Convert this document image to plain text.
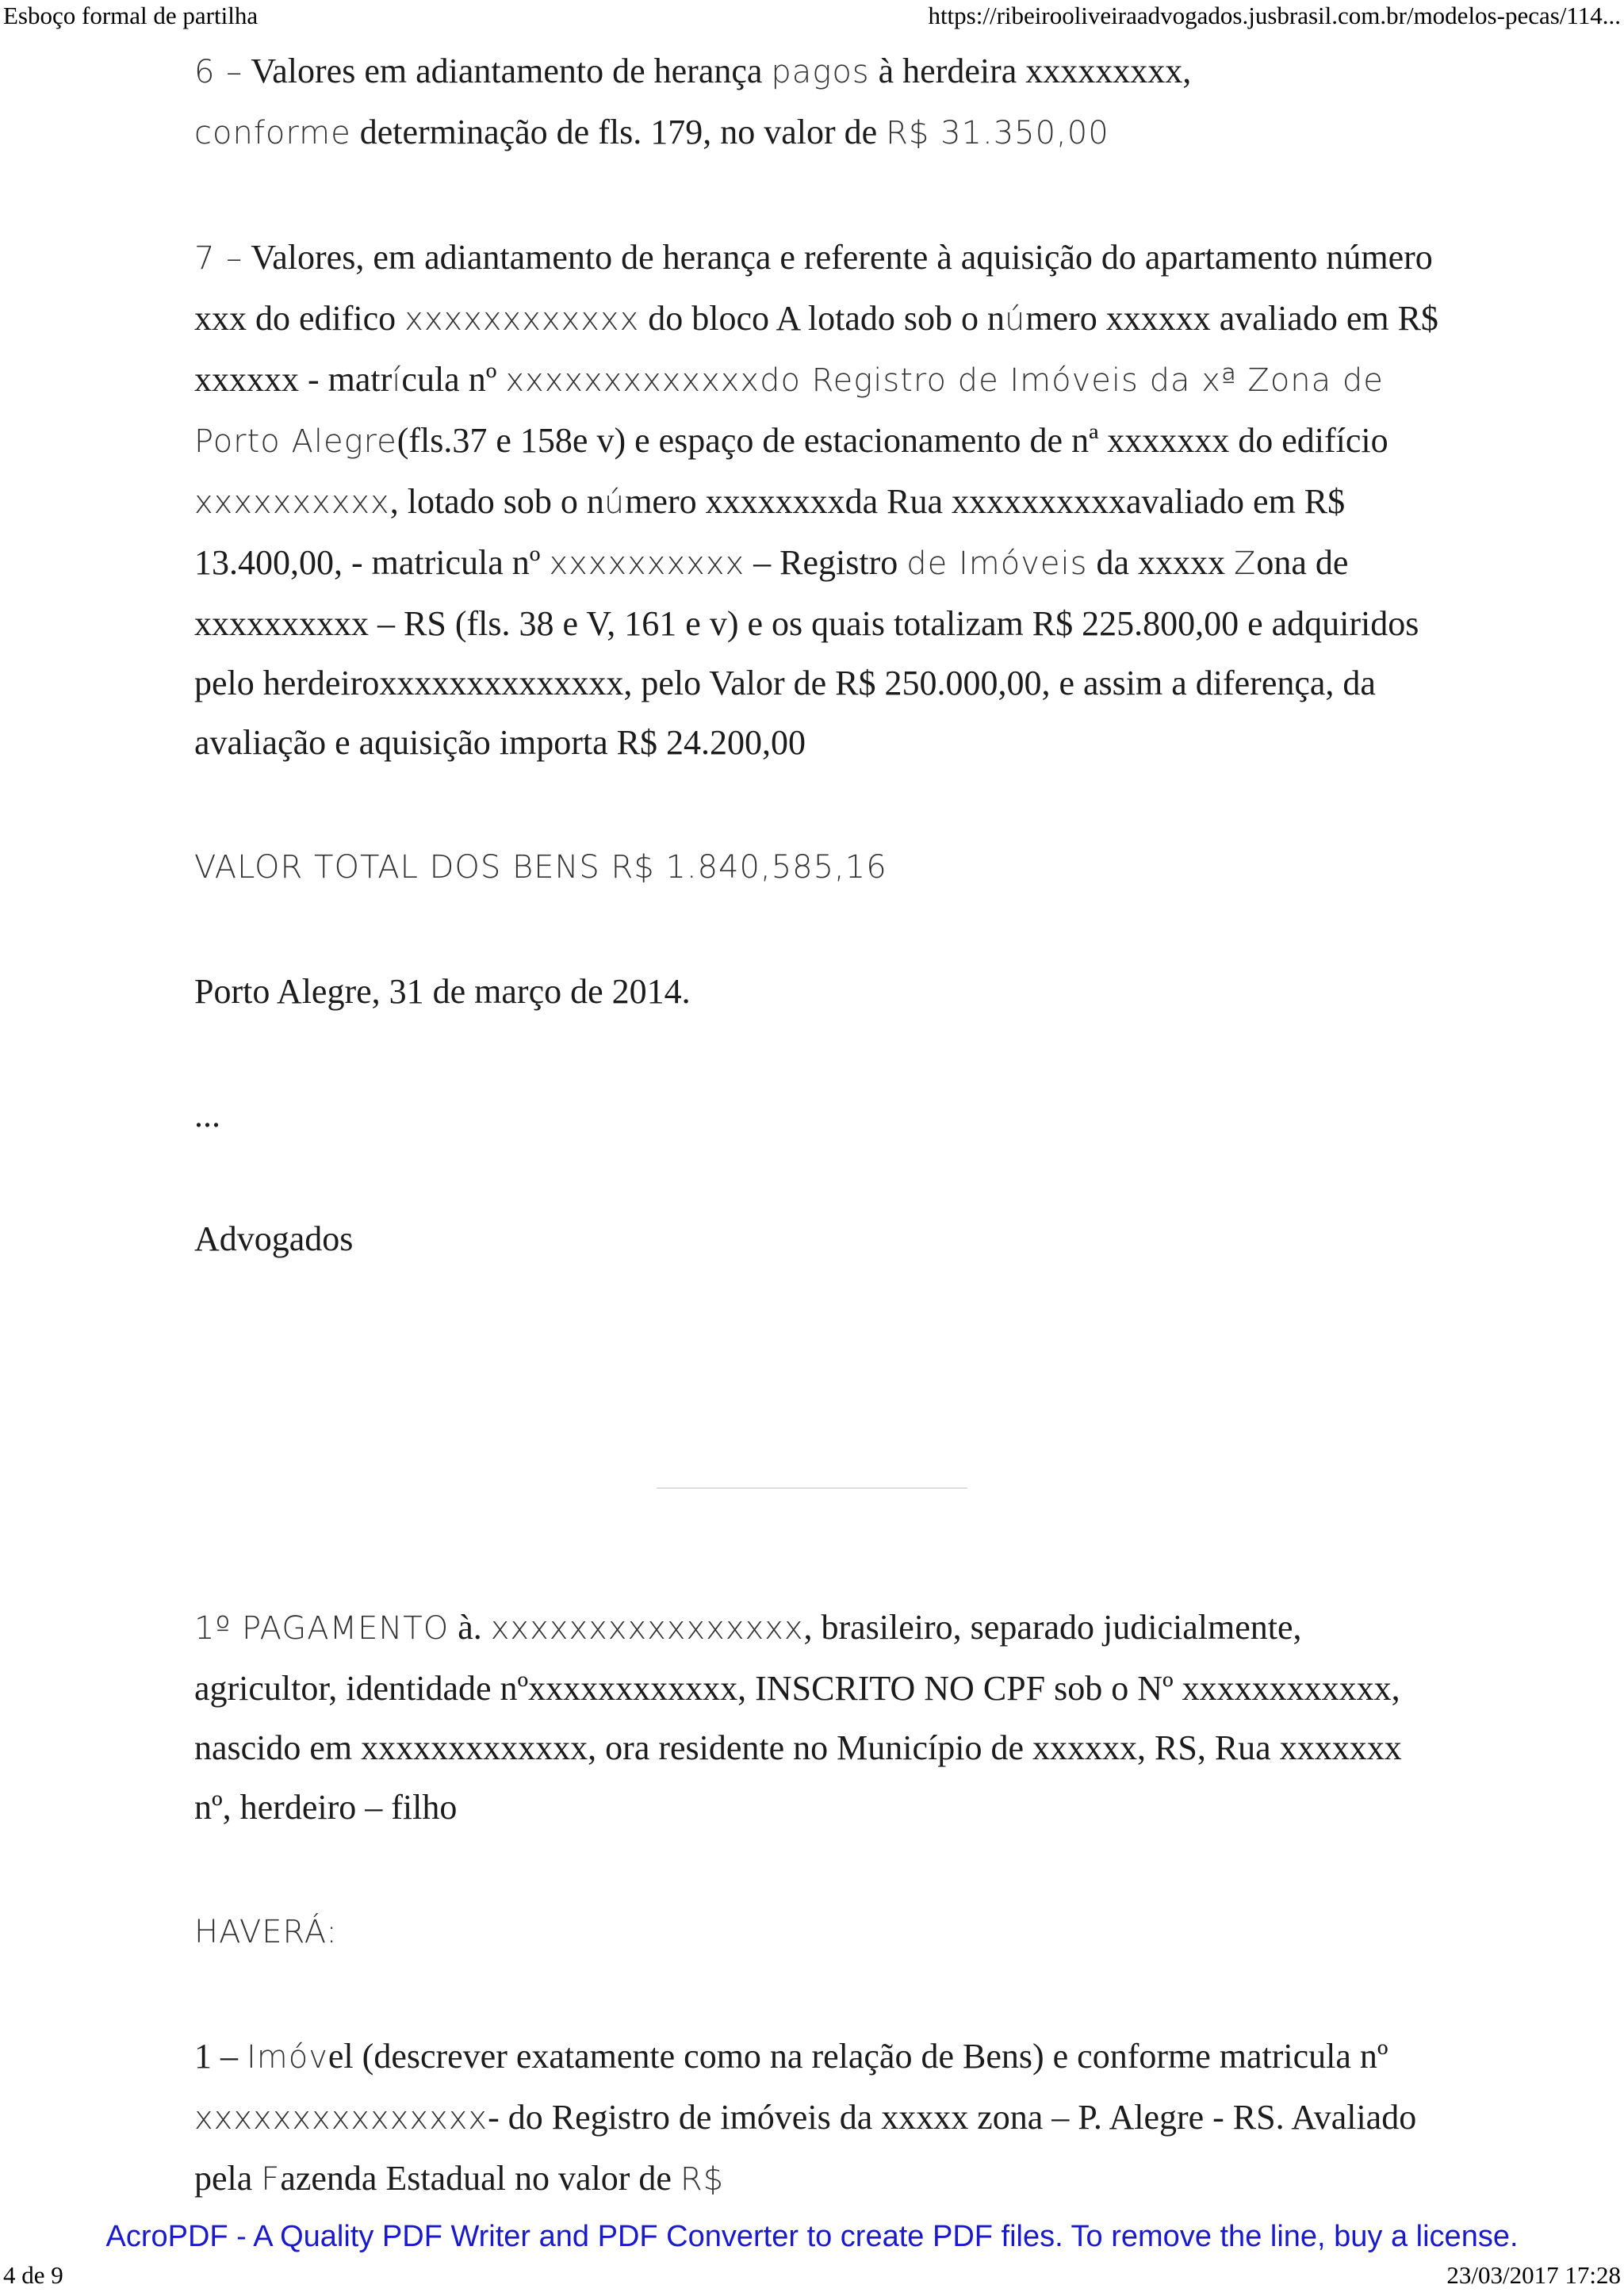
Esboço formal de partilha	https://ribeirooliveiraadvogados.jusbrasil.com.br/modelos-pecas/114...

6 – Valores em adiantamento de herança pagos à herdeira xxxxxxxxx,
conforme determinação de fls. 179, no valor de R$ 31.350,00

7 – Valores, em adiantamento de herança e referente à aquisição do apartamento número xxx do edifico xxxxxxxxxxxx do bloco A lotado sob o número xxxxxx avaliado em R$ xxxxxx - matrícula nº xxxxxxxxxxxxxdo Registro de Imóveis da xª Zona de Porto Alegre(fls.37 e 158e v) e espaço de estacionamento de nª xxxxxxx do edifício xxxxxxxxxx, lotado sob o número xxxxxxxxda Rua xxxxxxxxxxavaliado em R$ 13.400,00, - matricula nº xxxxxxxxxx – Registro de Imóveis da xxxxx Zona de xxxxxxxxxx – RS (fls. 38 e V, 161 e v) e os quais totalizam R$ 225.800,00 e adquiridos pelo herdeiroxxxxxxxxxxxxxx, pelo Valor de R$ 250.000,00, e assim a diferença, da avaliação e aquisição importa R$ 24.200,00

VALOR TOTAL DOS BENS R$ 1.840,585,16

Porto Alegre, 31 de março de 2014.

...

Advogados

1º PAGAMENTO à. xxxxxxxxxxxxxxxx, brasileiro, separado judicialmente, agricultor, identidade nºxxxxxxxxxxxx, INSCRITO NO CPF sob o Nº xxxxxxxxxxxx, nascido em xxxxxxxxxxxxx, ora residente no Município de xxxxxx, RS, Rua xxxxxxx nº, herdeiro – filho

HAVERÁ:

1 – Imóvel (descrever exatamente como na relação de Bens) e conforme matricula nº xxxxxxxxxxxxxxx- do Registro de imóveis da xxxxx zona – P. Alegre - RS. Avaliado pela Fazenda Estadual no valor de R$

AcroPDF - A Quality PDF Writer and PDF Converter to create PDF files. To remove the line, buy a license.
4 de 9	23/03/2017 17:28
